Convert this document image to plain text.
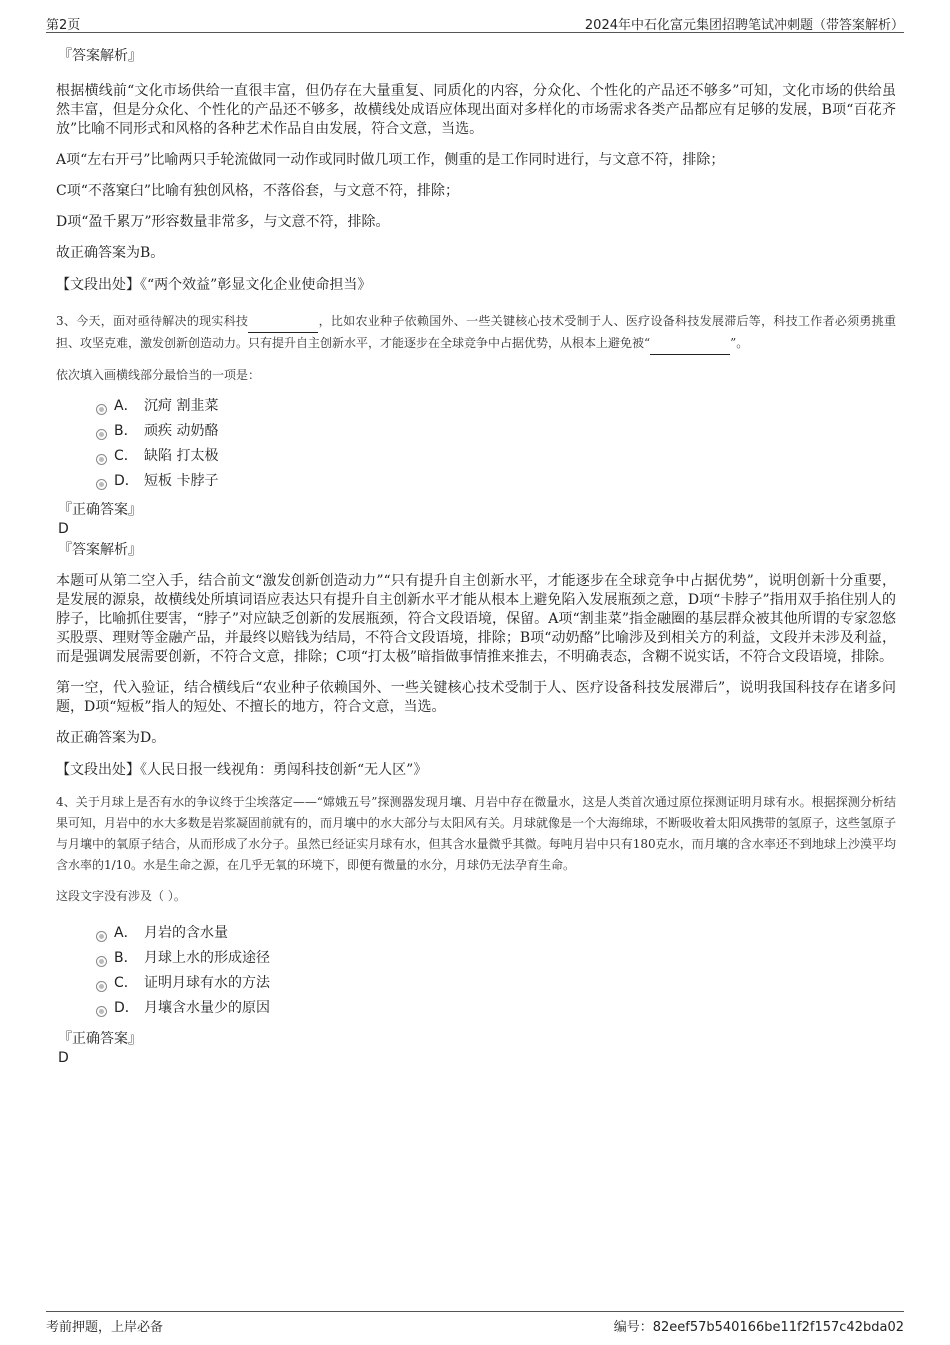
第2页	2024年中石化富元集团招聘笔试冲刺题（带答案解析）
『答案解析』

根据横线前“文化市场供给一直很丰富，但仍存在大量重复、同质化的内容，分众化、个性化的产品还不够多”可知，文化市场的供给虽然丰富，但是分众化、个性化的产品还不够多，故横线处成语应体现出面对多样化的市场需求各类产品都应有足够的发展，B项“百花齐放”比喻不同形式和风格的各种艺术作品自由发展，符合文意，当选。

A项“左右开弓”比喻两只手轮流做同一动作或同时做几项工作，侧重的是工作同时进行，与文意不符，排除；

C项“不落窠臼”比喻有独创风格，不落俗套，与文意不符，排除；

D项“盈千累万”形容数量非常多，与文意不符，排除。

故正确答案为B。

【文段出处】《“两个效益”彰显文化企业使命担当》

3、今天，面对亟待解决的现实科技	，比如农业种子依赖国外、一些关键核心技术受制于人、医疗设备科技发展滞后等，科技工作者必须勇挑重担、攻坚克难，激发创新创造动力。只有提升自主创新水平，才能逐步在全球竞争中占据优势，从根本上避免被“	”。

依次填入画横线部分最恰当的一项是：

A． 沉疴 割韭菜
B． 顽疾 动奶酪
C． 缺陷 打太极
D． 短板 卡脖子
『正确答案』
D
『答案解析』

本题可从第二空入手，结合前文“激发创新创造动力”“只有提升自主创新水平，才能逐步在全球竞争中占据优势”，说明创新十分重要，是发展的源泉，故横线处所填词语应表达只有提升自主创新水平才能从根本上避免陷入发展瓶颈之意，D项“卡脖子”指用双手掐住别人的脖子，比喻抓住要害，“脖子”对应缺乏创新的发展瓶颈，符合文段语境，保留。A项“割韭菜”指金融圈的基层群众被其他所谓的专家忽悠买股票、理财等金融产品，并最终以赔钱为结局，不符合文段语境，排除；B项“动奶酪”比喻涉及到相关方的利益，文段并未涉及利益，而是强调发展需要创新，不符合文意，排除；C项“打太极”暗指做事情推来推去，不明确表态，含糊不说实话，不符合文段语境，排除。

第一空，代入验证，结合横线后“农业种子依赖国外、一些关键核心技术受制于人、医疗设备科技发展滞后”，说明我国科技存在诸多问题，D项“短板”指人的短处、不擅长的地方，符合文意，当选。

故正确答案为D。

【文段出处】《人民日报一线视角：勇闯科技创新“无人区”》

4、关于月球上是否有水的争议终于尘埃落定——“嫦娥五号”探测器发现月壤、月岩中存在微量水，这是人类首次通过原位探测证明月球有水。根据探测分析结果可知，月岩中的水大多数是岩浆凝固前就有的，而月壤中的水大部分与太阳风有关。月球就像是一个大海绵球，不断吸收着太阳风携带的氢原子，这些氢原子与月壤中的氧原子结合，从而形成了水分子。虽然已经证实月球有水，但其含水量微乎其微。每吨月岩中只有180克水，而月壤的含水率还不到地球上沙漠平均含水率的1/10。水是生命之源，在几乎无氧的环境下，即便有微量的水分，月球仍无法孕育生命。

这段文字没有涉及（ ）。

A． 月岩的含水量
B． 月球上水的形成途径
C． 证明月球有水的方法
D． 月壤含水量少的原因
『正确答案』
D
考前押题，上岸必备	编号：82eef57b540166be11f2f157c42bda02
